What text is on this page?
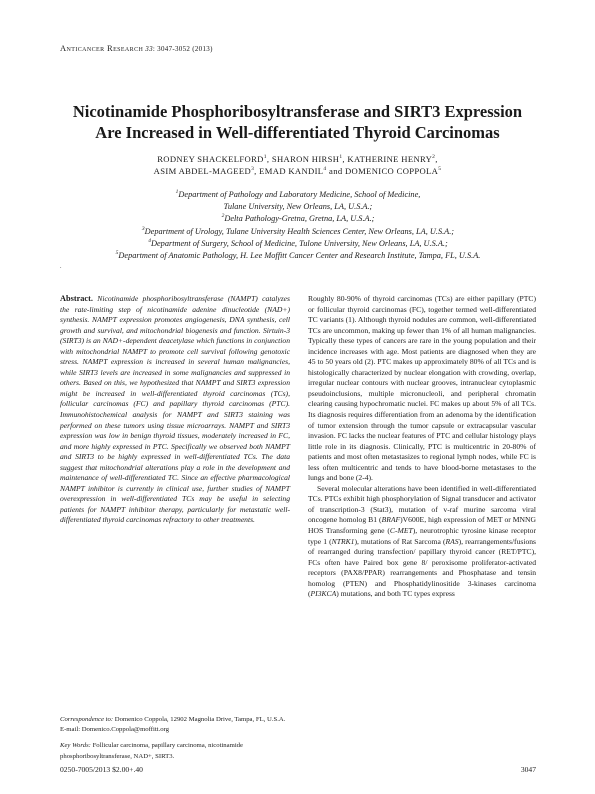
Anticancer Research 33: 3047-3052 (2013)
Nicotinamide Phosphoribosyltransferase and SIRT3 Expression
Are Increased in Well-differentiated Thyroid Carcinomas
RODNEY SHACKELFORD$^1$, SHARON HIRSH$^1$, KATHERINE HENRY$^2$,
ASIM ABDEL-MAGEED$^3$, EMAD KANDIL$^4$ and DOMENICO COPPOLA$^5$
$^1$Department of Pathology and Laboratory Medicine, School of Medicine,
Tulane University, New Orleans, LA, U.S.A.;
$^2$Delta Pathology-Gretna, Gretna, LA, U.S.A.;
$^3$Department of Urology, Tulane University Health Sciences Center, New Orleans, LA, U.S.A.;
$^4$Department of Surgery, School of Medicine, Tulone University, New Orleans, LA, U.S.A.;
$^5$Department of Anatomic Pathology, H. Lee Moffitt Cancer Center and Research Institute, Tampa, FL, U.S.A.
.
Abstract. Nicotinamide phosphoribosyltransferase (NAMPT) catalyzes the rate-limiting step of nicotinamide adenine dinucleotide (NAD+) synthesis. NAMPT expression promotes angiogenesis, DNA synthesis, cell growth and survival, and mitochondrial biogenesis and function. Sirtuin-3 (SIRT3) is an NAD+-dependent deacetylase which functions in conjunction with mitochondrial NAMPT to promote cell survival following genotoxic stress. NAMPT expression is increased in several human malignancies, while SIRT3 levels are increased in some malignancies and suppressed in others. Based on this, we hypothesized that NAMPT and SIRT3 expression might be increased in well-differentiated thyroid carcinomas (TCs), follicular carcinomas (FC) and papillary thyroid carcinomas (PTC). Immunohistochemical analysis for NAMPT and SIRT3 staining was performed on these tumors using tissue microarrays. NAMPT and SIRT3 expression was low in benign thyroid tissues, moderately increased in FC, and more highly expressed in PTC. Specifically we observed both NAMPT and SIRT3 to be highly expressed in well-differentiated TCs. The data suggest that mitochondrial alterations play a role in the development and maintenance of well-differentiated TC. Since an effective pharmacological NAMPT inhibitor is currently in clinical use, further studies of NAMPT overexpression in well-differentiated TCs may be useful in selecting patients for NAMPT inhibitor therapy, particularly for metastatic well-differentiated thyroid carcinomas refractory to other treatments.

Roughly 80-90% of thyroid carcinomas (TCs) are either papillary (PTC) or follicular thyroid carcinomas (FC), together termed well-differentiated TC variants (1). Although thyroid nodules are common, well-differentiated TCs are uncommon, making up fewer than 1% of all human malignancies. Typically these types of cancers are rare in the young population and their incidence increases with age. Most patients are diagnosed when they are 45 to 50 years old (2). PTC makes up approximately 80% of all TCs and is histologically characterized by nuclear elongation with crowding, overlap, irregular nuclear contours with nuclear grooves, intranuclear cytoplasmic pseudoinclusions, multiple micronucleoli, and peripheral chromatin clearing causing hypochromatic nuclei. FC makes up about 5% of all TCs. Its diagnosis requires differentiation from an adenoma by the identification of tumor extension through the tumor capsule or extracapsular vascular invasion. FC lacks the nuclear features of PTC and cellular histology plays little role in its diagnosis. Clinically, PTC is multicentric in 20-80% of patients and most often metastasizes to regional lymph nodes, while FC is less often multicentric and tends to have blood-borne metastases to the lungs and bone (2-4).

Several molecular alterations have been identified in well-differentiated TCs. PTCs exhibit high phosphorylation of Signal transducer and activator of transcription-3 (Stat3), mutation of v-raf murine sarcoma viral oncogene homolog B1 (BRAF)V600E, high expression of MET or MNNG HOS Transforming gene (C-MET), neurotrophic tyrosine kinase receptor type 1 (NTRK1), mutations of Rat Sarcoma (RAS), rearrangements/fusions of rearranged during transfection/ papillary thyroid cancer (RET/PTC), FCs often have Paired box gene 8/ peroxisome proliferator-activated receptors (PAX8/PPAR) rearrangements and Phosphatase and tensin homolog (PTEN) and Phosphatidylinositide 3-kinases carcinoma (PI3KCA) mutations, and both TC types express

Correspondence to: Domenico Coppola, 12902 Magnolia Drive, Tampa, FL, U.S.A. E-mail: Domenico.Coppola@moffitt.org

Key Words: Follicular carcinoma, papillary carcinoma, nicotinamide phosphoribosyltransferase, NAD+, SIRT3.

0250-7005/2013 $2.00+.40	3047
